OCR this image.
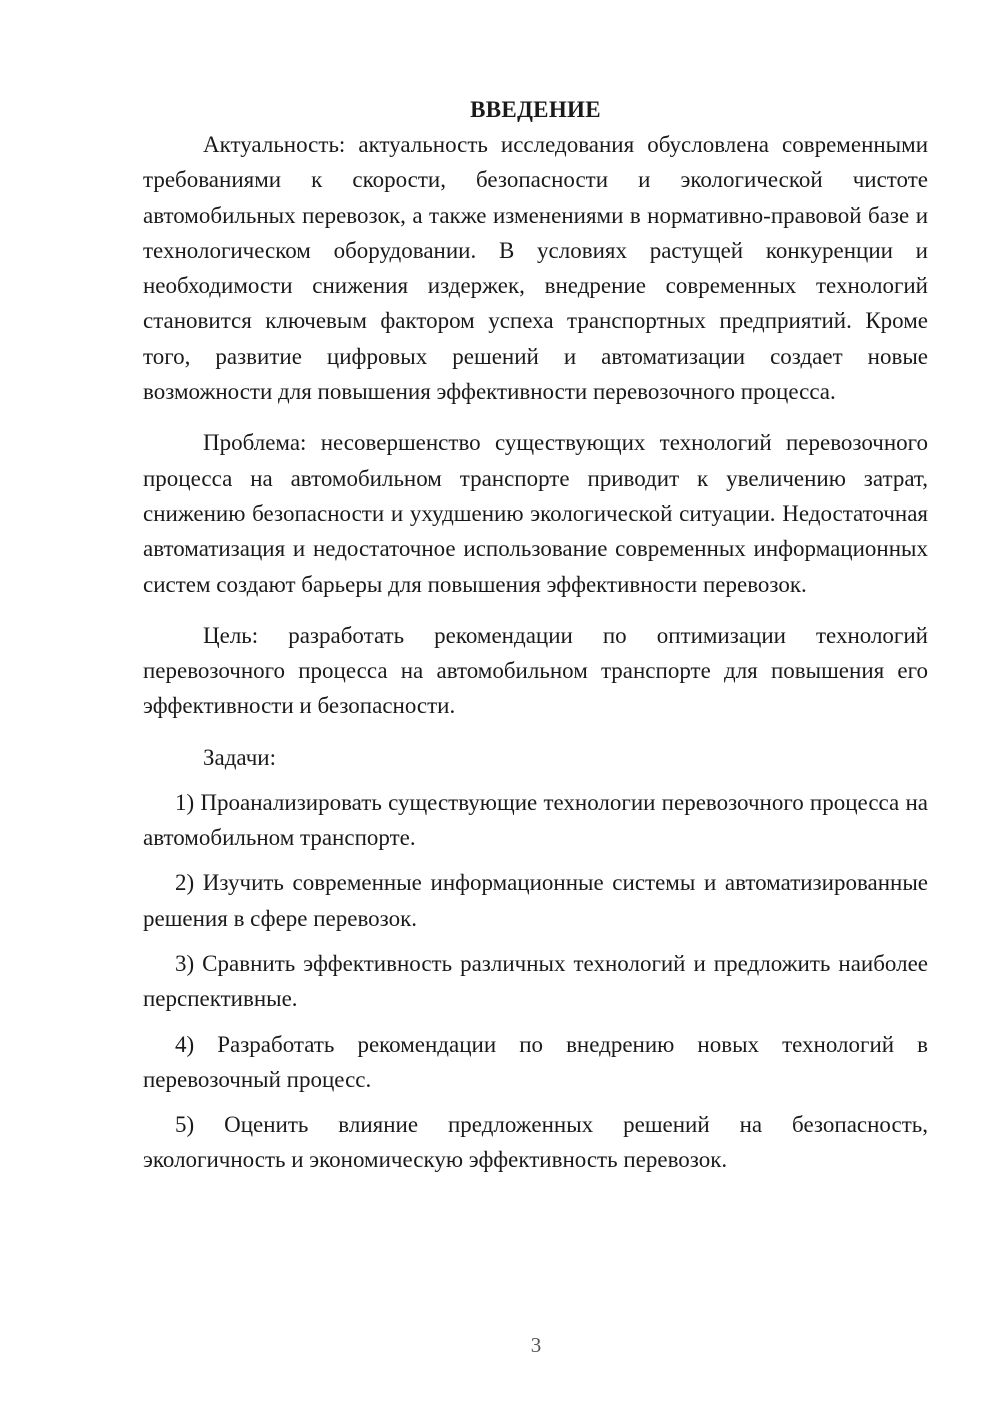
ВВЕДЕНИЕ

Актуальность: актуальность исследования обусловлена современными требованиями к скорости, безопасности и экологической чистоте автомобильных перевозок, а также изменениями в нормативно-правовой базе и технологическом оборудовании. В условиях растущей конкуренции и необходимости снижения издержек, внедрение современных технологий становится ключевым фактором успеха транспортных предприятий. Кроме того, развитие цифровых решений и автоматизации создает новые возможности для повышения эффективности перевозочного процесса.

Проблема: несовершенство существующих технологий перевозочного процесса на автомобильном транспорте приводит к увеличению затрат, снижению безопасности и ухудшению экологической ситуации. Недостаточная автоматизация и недостаточное использование современных информационных систем создают барьеры для повышения эффективности перевозок.

Цель: разработать рекомендации по оптимизации технологий перевозочного процесса на автомобильном транспорте для повышения его эффективности и безопасности.

Задачи:

1) Проанализировать существующие технологии перевозочного процесса на автомобильном транспорте.

2) Изучить современные информационные системы и автоматизированные решения в сфере перевозок.

3) Сравнить эффективность различных технологий и предложить наиболее перспективные.

4) Разработать рекомендации по внедрению новых технологий в перевозочный процесс.

5) Оценить влияние предложенных решений на безопасность, экологичность и экономическую эффективность перевозок.

3
